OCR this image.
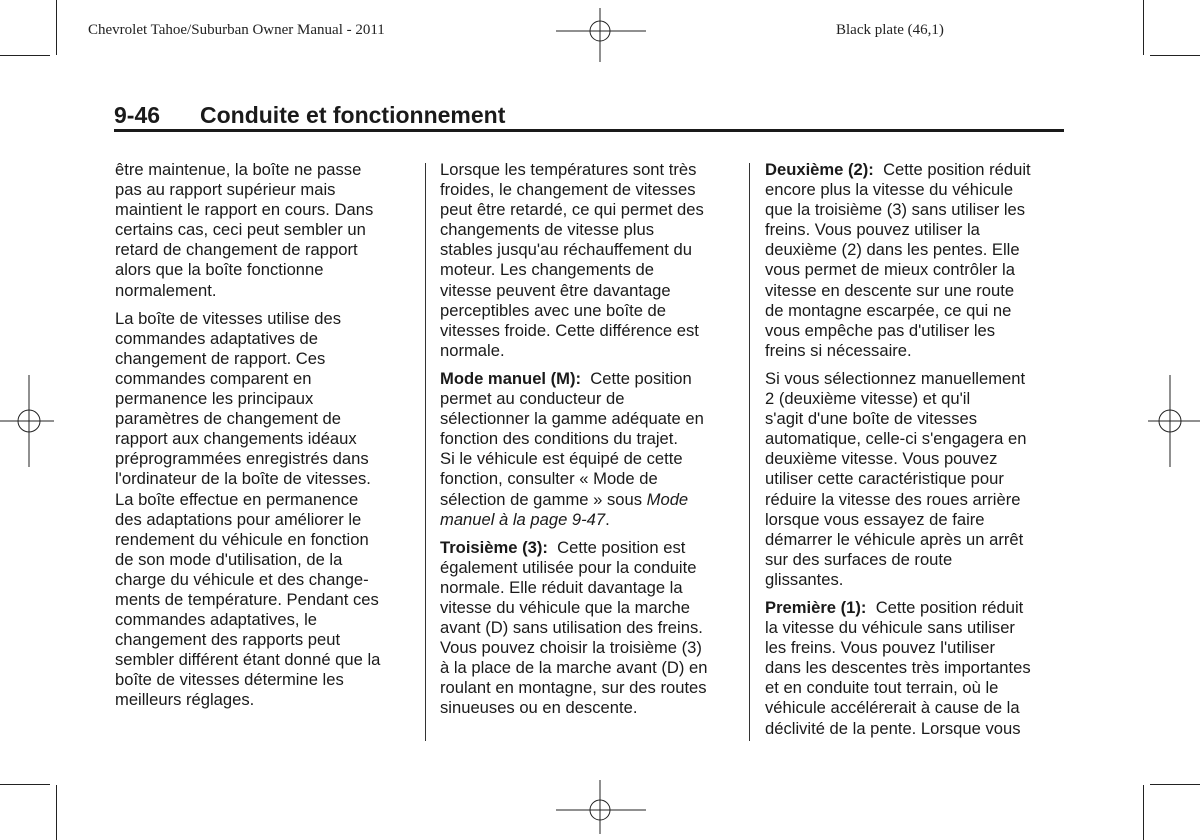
Chevrolet Tahoe/Suburban Owner Manual - 2011	Black plate (46,1)
9-46 Conduite et fonctionnement

être maintenue, la boîte ne passe
pas au rapport supérieur mais
maintient le rapport en cours. Dans
certains cas, ceci peut sembler un
retard de changement de rapport
alors que la boîte fonctionne
normalement.

La boîte de vitesses utilise des
commandes adaptatives de
changement de rapport. Ces
commandes comparent en
permanence les principaux
paramètres de changement de
rapport aux changements idéaux
préprogrammées enregistrés dans
l'ordinateur de la boîte de vitesses.
La boîte effectue en permanence
des adaptations pour améliorer le
rendement du véhicule en fonction
de son mode d'utilisation, de la
charge du véhicule et des change‐
ments de température. Pendant ces
commandes adaptatives, le
changement des rapports peut
sembler différent étant donné que la
boîte de vitesses détermine les
meilleurs réglages.

Lorsque les températures sont très
froides, le changement de vitesses
peut être retardé, ce qui permet des
changements de vitesse plus
stables jusqu'au réchauffement du
moteur. Les changements de
vitesse peuvent être davantage
perceptibles avec une boîte de
vitesses froide. Cette différence est
normale.

Mode manuel (M): Cette position
permet au conducteur de
sélectionner la gamme adéquate en
fonction des conditions du trajet.
Si le véhicule est équipé de cette
fonction, consulter « Mode de
sélection de gamme » sous Mode
manuel à la page 9‑47.

Troisième (3): Cette position est
également utilisée pour la conduite
normale. Elle réduit davantage la
vitesse du véhicule que la marche
avant (D) sans utilisation des freins.
Vous pouvez choisir la troisième (3)
à la place de la marche avant (D) en
roulant en montagne, sur des routes
sinueuses ou en descente.

Deuxième (2): Cette position réduit
encore plus la vitesse du véhicule
que la troisième (3) sans utiliser les
freins. Vous pouvez utiliser la
deuxième (2) dans les pentes. Elle
vous permet de mieux contrôler la
vitesse en descente sur une route
de montagne escarpée, ce qui ne
vous empêche pas d'utiliser les
freins si nécessaire.

Si vous sélectionnez manuellement
2 (deuxième vitesse) et qu'il
s'agit d'une boîte de vitesses
automatique, celle-ci s'engagera en
deuxième vitesse. Vous pouvez
utiliser cette caractéristique pour
réduire la vitesse des roues arrière
lorsque vous essayez de faire
démarrer le véhicule après un arrêt
sur des surfaces de route
glissantes.

Première (1): Cette position réduit
la vitesse du véhicule sans utiliser
les freins. Vous pouvez l'utiliser
dans les descentes très importantes
et en conduite tout terrain, où le
véhicule accélérerait à cause de la
déclivité de la pente. Lorsque vous
